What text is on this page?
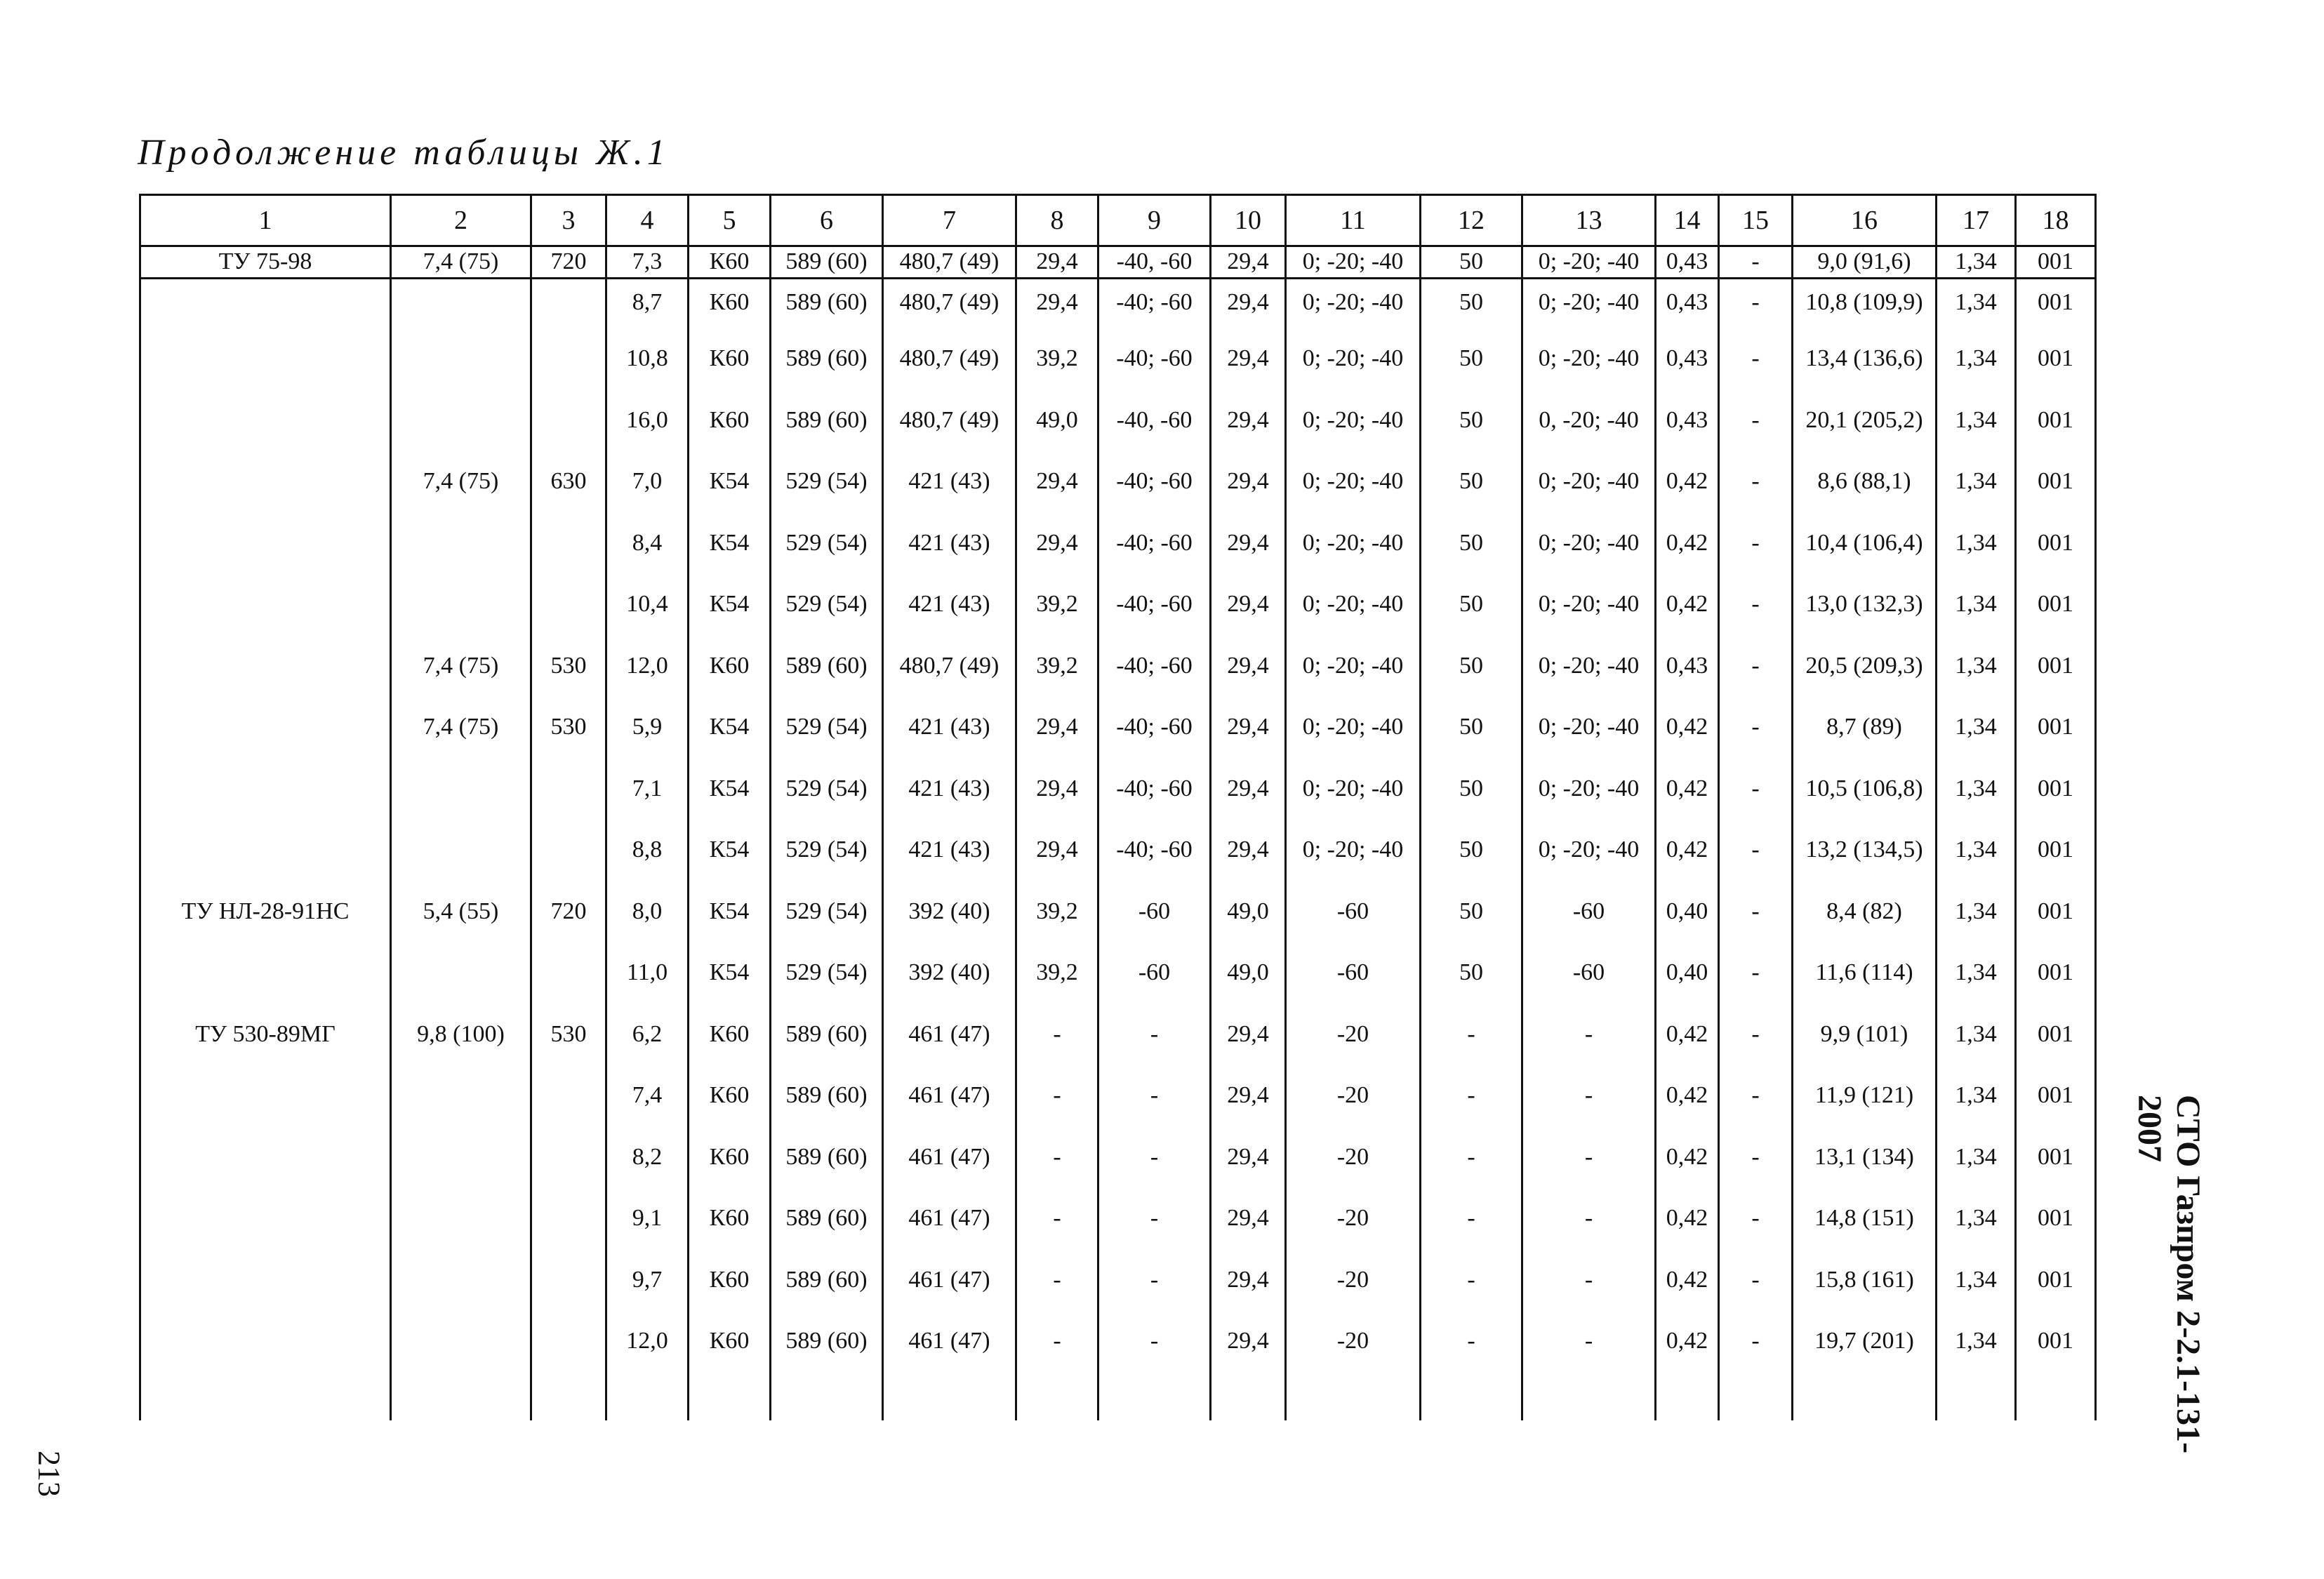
Продолжение таблицы Ж.1
1	2	3	4	5	6	7	8	9	10	11	12	13	14	15	16	17	18
ТУ 75-98	7,4 (75)	720	7,3	К60	589 (60)	480,7 (49)	29,4	-40, -60	29,4	0; -20; -40	50	0; -20; -40	0,43	-	9,0 (91,6)	1,34	001
			8,7	К60	589 (60)	480,7 (49)	29,4	-40; -60	29,4	0; -20; -40	50	0; -20; -40	0,43	-	10,8 (109,9)	1,34	001
			10,8	К60	589 (60)	480,7 (49)	39,2	-40; -60	29,4	0; -20; -40	50	0; -20; -40	0,43	-	13,4 (136,6)	1,34	001
			16,0	К60	589 (60)	480,7 (49)	49,0	-40, -60	29,4	0; -20; -40	50	0, -20; -40	0,43	-	20,1 (205,2)	1,34	001
	7,4 (75)	630	7,0	К54	529 (54)	421 (43)	29,4	-40; -60	29,4	0; -20; -40	50	0; -20; -40	0,42	-	8,6 (88,1)	1,34	001
			8,4	К54	529 (54)	421 (43)	29,4	-40; -60	29,4	0; -20; -40	50	0; -20; -40	0,42	-	10,4 (106,4)	1,34	001
			10,4	К54	529 (54)	421 (43)	39,2	-40; -60	29,4	0; -20; -40	50	0; -20; -40	0,42	-	13,0 (132,3)	1,34	001
	7,4 (75)	530	12,0	К60	589 (60)	480,7 (49)	39,2	-40; -60	29,4	0; -20; -40	50	0; -20; -40	0,43	-	20,5 (209,3)	1,34	001
	7,4 (75)	530	5,9	К54	529 (54)	421 (43)	29,4	-40; -60	29,4	0; -20; -40	50	0; -20; -40	0,42	-	8,7 (89)	1,34	001
			7,1	К54	529 (54)	421 (43)	29,4	-40; -60	29,4	0; -20; -40	50	0; -20; -40	0,42	-	10,5 (106,8)	1,34	001
			8,8	К54	529 (54)	421 (43)	29,4	-40; -60	29,4	0; -20; -40	50	0; -20; -40	0,42	-	13,2 (134,5)	1,34	001
ТУ НЛ-28-91НС	5,4 (55)	720	8,0	К54	529 (54)	392 (40)	39,2	-60	49,0	-60	50	-60	0,40	-	8,4 (82)	1,34	001
			11,0	К54	529 (54)	392 (40)	39,2	-60	49,0	-60	50	-60	0,40	-	11,6 (114)	1,34	001
ТУ 530-89МГ	9,8 (100)	530	6,2	К60	589 (60)	461 (47)	-	-	29,4	-20	-	-	0,42	-	9,9 (101)	1,34	001
			7,4	К60	589 (60)	461 (47)	-	-	29,4	-20	-	-	0,42	-	11,9 (121)	1,34	001
			8,2	К60	589 (60)	461 (47)	-	-	29,4	-20	-	-	0,42	-	13,1 (134)	1,34	001
			9,1	К60	589 (60)	461 (47)	-	-	29,4	-20	-	-	0,42	-	14,8 (151)	1,34	001
			9,7	К60	589 (60)	461 (47)	-	-	29,4	-20	-	-	0,42	-	15,8 (161)	1,34	001
			12,0	К60	589 (60)	461 (47)	-	-	29,4	-20	-	-	0,42	-	19,7 (201)	1,34	001
																		СТО Газпром 2-2.1-131-2007
213
